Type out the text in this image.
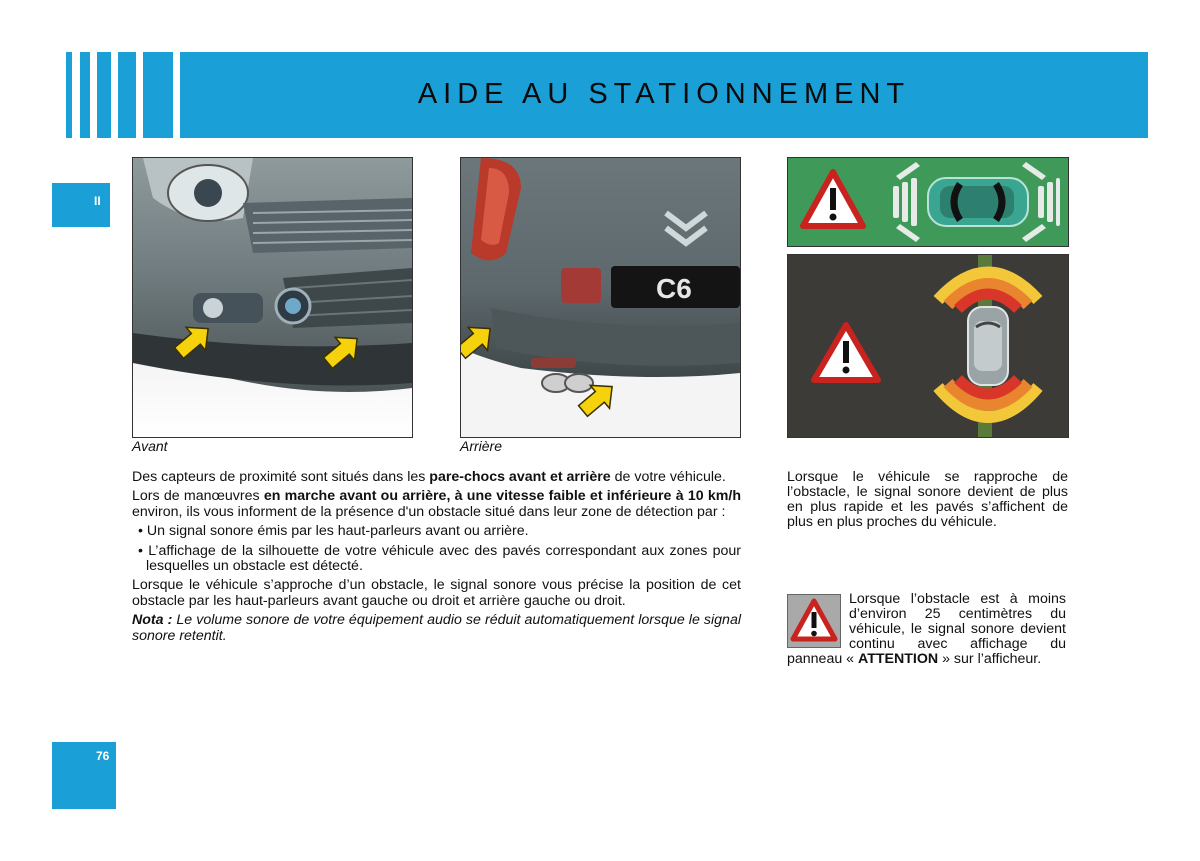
AIDE AU STATIONNEMENT
II
76
Avant
C6
Arrière

Des capteurs de proximité sont situés dans les pare-chocs avant et arrière de votre véhicule.

Lors de manœuvres en marche avant ou arrière, à une vitesse faible et inférieure à 10 km/h environ, ils vous informent de la présence d'un obstacle situé dans leur zone de détection par :

• Un signal sonore émis par les haut-parleurs avant ou arrière.
• L’affichage de la silhouette de votre véhicule avec des pavés correspondant aux zones pour lesquelles un obstacle est détecté.

Lorsque le véhicule s’approche d’un obstacle, le signal sonore vous précise la position de cet obstacle par les haut-parleurs avant gauche ou droit et arrière gauche ou droit.

Nota : Le volume sonore de votre équipement audio se réduit automatiquement lorsque le signal sonore retentit.

Lorsque le véhicule se rapproche de l’obstacle, le signal sonore devient de plus en plus rapide et les pavés s’affichent de plus en plus proches du véhicule.
Lorsque l’obstacle est à moins d’environ 25 centimètres du véhicule, le signal sonore devient continu avec affichage du panneau « ATTENTION » sur l’afficheur.
